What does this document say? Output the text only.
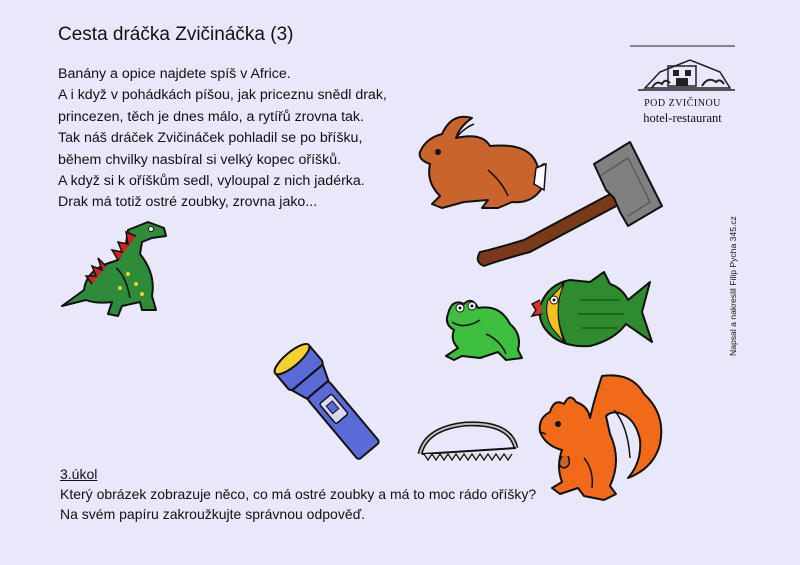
Cesta dráčka Zvičináčka (3)
Banány a opice najdete spíš v Africe.
A i když v pohádkách píšou, jak priceznu snědl drak,
princezen, těch je dnes málo, a rytířů zrovna tak.
Tak náš dráček Zvičináček pohladil se po bříšku,
během chvilky nasbíral si velký kopec oříšků.
A když si k oříškům sedl, vyloupal z nich jadérka.
Drak má totiž ostré zoubky, zrovna jako...
3.úkol
Který obrázek zobrazuje něco, co má ostré zoubky a má to moc rádo oříšky?
Na svém papíru zakroužkujte správnou odpověď.
POD ZVIČINOU
hotel-restaurant
Napsal a nakreslil Filip Pycha 345.cz
